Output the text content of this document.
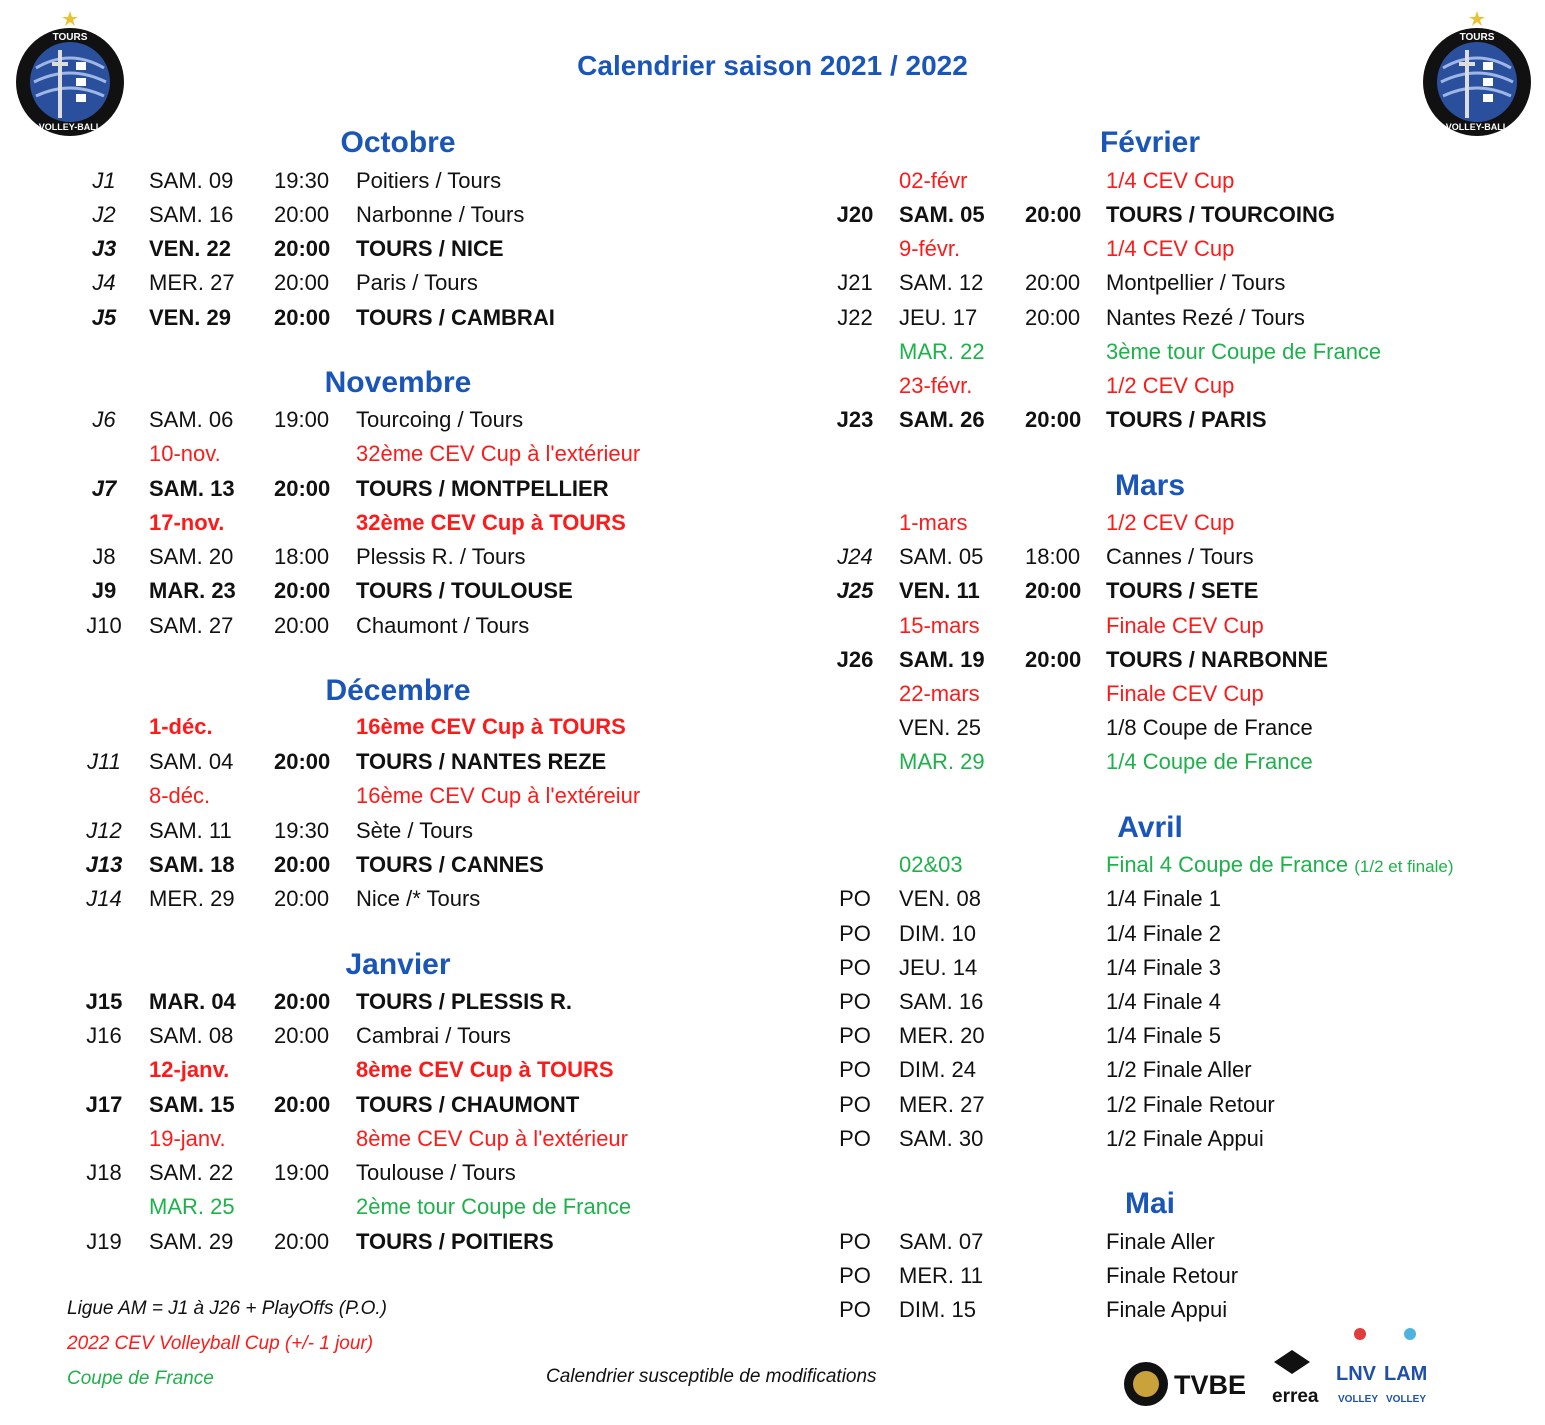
Calendrier saison 2021 / 2022
TOURS
VOLLEY-BALL
TOURS
VOLLEY-BALL
Octobre
Novembre
Décembre
Janvier
Février
Mars
Avril
Mai
J1	SAM. 09 19:30 Poitiers / Tours
J2	SAM. 16 20:00 Narbonne / Tours
J3	VEN. 22 20:00 TOURS / NICE
J4	MER. 27 20:00 Paris / Tours
J5	VEN. 29 20:00 TOURS / CAMBRAI
J6	SAM. 06 19:00 Tourcoing / Tours
10-nov.	32ème CEV Cup à l'extérieur
J7	SAM. 13 20:00 TOURS / MONTPELLIER
17-nov.	32ème CEV Cup à TOURS
J8	SAM. 20 18:00 Plessis R. / Tours
J9	MAR. 23 20:00 TOURS / TOULOUSE
J10 SAM. 27 20:00 Chaumont / Tours
1-déc.	16ème CEV Cup à TOURS
J11 SAM. 04 20:00 TOURS / NANTES REZE
8-déc.	16ème CEV Cup à l'extéreiur
J12 SAM. 11 19:30 Sète / Tours
J13 SAM. 18 20:00 TOURS / CANNES
J14 MER. 29 20:00 Nice /* Tours
J15 MAR. 04 20:00 TOURS / PLESSIS R.
J16 SAM. 08 20:00 Cambrai / Tours
12-janv.	8ème CEV Cup à TOURS
J17 SAM. 15 20:00 TOURS / CHAUMONT
19-janv.	8ème CEV Cup à l'extérieur
J18 SAM. 22 19:00 Toulouse / Tours
MAR. 25	2ème tour Coupe de France
J19 SAM. 29 20:00 TOURS / POITIERS
02-févr	1/4 CEV Cup
J20 SAM. 05 20:00 TOURS / TOURCOING
9-févr.	1/4 CEV Cup
J21 SAM. 12 20:00 Montpellier / Tours
J22 JEU. 17 20:00 Nantes Rezé / Tours
MAR. 22	3ème tour Coupe de France
23-févr.	1/2 CEV Cup
J23 SAM. 26 20:00 TOURS / PARIS
1-mars	1/2 CEV Cup
J24 SAM. 05 18:00 Cannes / Tours
J25 VEN. 11 20:00 TOURS / SETE
15-mars	Finale CEV Cup
J26 SAM. 19 20:00 TOURS / NARBONNE
22-mars	Finale CEV Cup
VEN. 25	1/8 Coupe de France
MAR. 29	1/4 Coupe de France
02&03	Final 4 Coupe de France (1/2 et finale)
PO VEN. 08	1/4 Finale 1
PO DIM. 10	1/4 Finale 2
PO JEU. 14	1/4 Finale 3
PO SAM. 16	1/4 Finale 4
PO MER. 20	1/4 Finale 5
PO DIM. 24	1/2 Finale Aller
PO MER. 27	1/2 Finale Retour
PO SAM. 30	1/2 Finale Appui
PO SAM. 07	Finale Aller
PO MER. 11	Finale Retour
PO DIM. 15	Finale Appui
Ligue AM = J1 à J26 + PlayOffs (P.O.)
2022 CEV Volleyball Cup (+/- 1 jour)
Coupe de France	Calendrier susceptible de modifications	TVBE errea
LNV
VOLLEY
LAM
VOLLEY
